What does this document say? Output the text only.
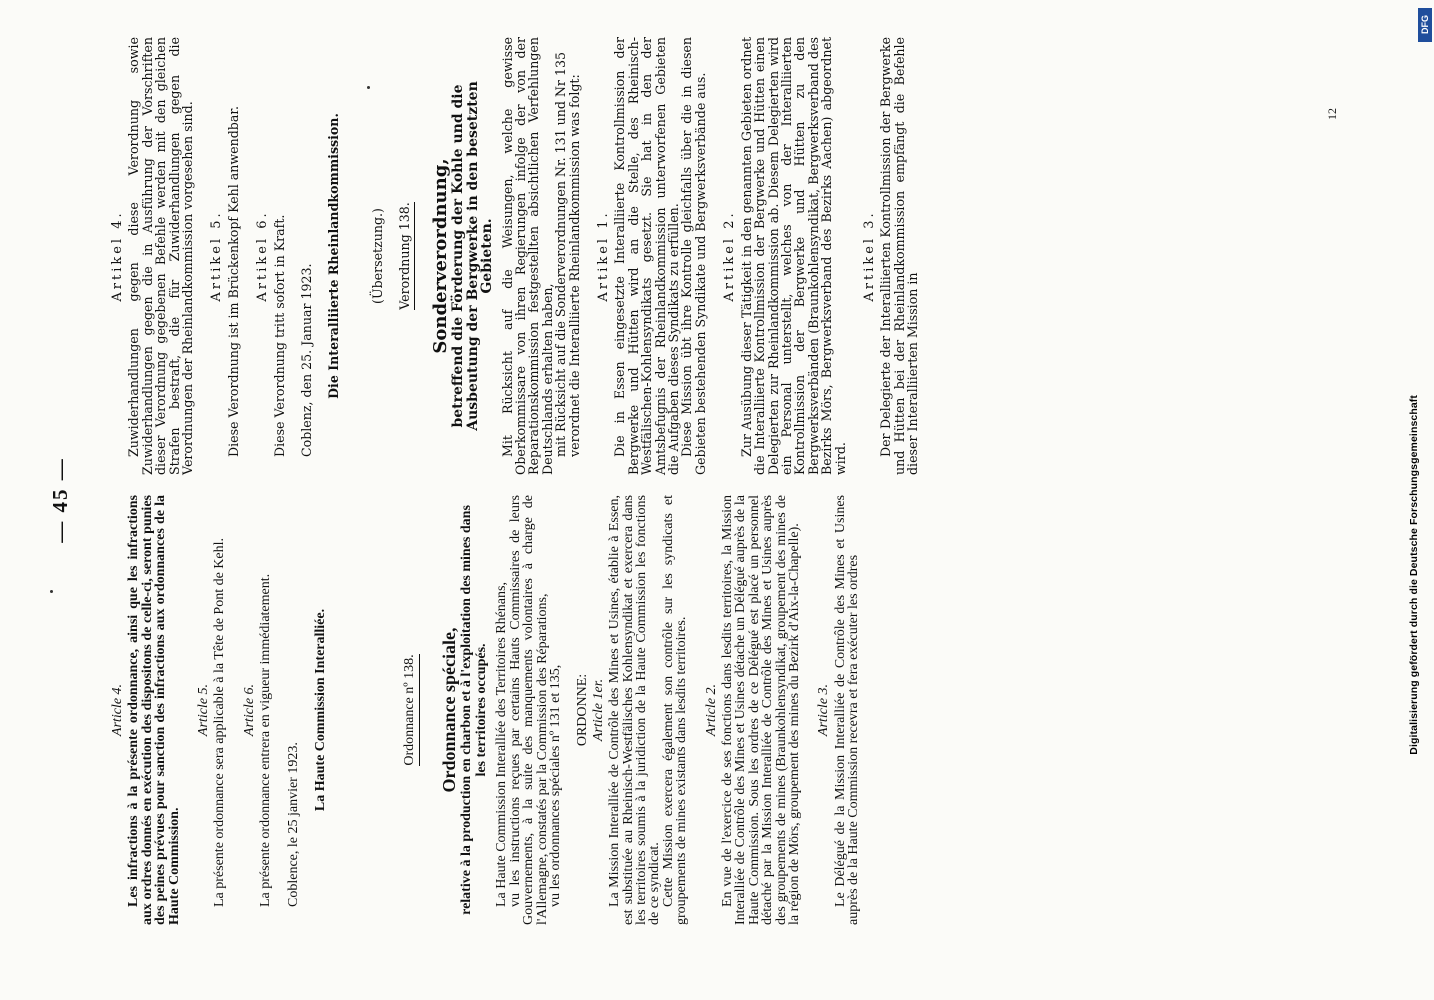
— 45 —
Article 4. Les infractions à la présente ordonnance, ainsi que les infractions aux ordres donnés en exécution des dispositons de celle-ci, seront punies des peines prévues pour sanction des infractions aux ordonnances de la Haute Commission.

Article 5. La présente ordonnance sera applicable à la Tête de Pont de Kehl. Article 6. La présente ordonnance entrera en vigueur immédiatement. Coblence, le 25 janvier 1923.

La Haute Commission Interalliée.	Ordonnance nº 138. Ordonnance spéciale, relative à la production en charbon et à l'exploitation des mines dans les territoires occupés. La Haute Commission Interalliée des Territoires Rhénans,

vu les instructions reçues par certains Hauts Commissaires de leurs Gouvernements, à la suite des manquements volontaires à charge de l'Allemagne, constatés par la Commission des Réparations,

vu les ordonnances spéciales nº 131 et 135, ORDONNE: Article 1er. La Mission Interalliée de Contrôle des Mines et Usines, établie à Essen, est substituée au Rheinisch-Westfälisches Kohlensyndikat et exercera dans les territoires soumis à la juridiction de la Haute Commission les fonctions de ce syndicat.

Cette Mission exercera également son contrôle sur les syndicats et groupements de mines existants dans lesdits territoires. Article 2. En vue de l'exercice de ses fonctions dans lesdits territoires, la Mission Interalliée de Contrôle des Mines et Usines détache un Délégué auprès de la Haute Commission. Sous les ordres de ce Délégué est placé un personnel détaché par la Mission Interalliée de Contrôle des Mines et Usines auprès des groupements de mines (Braunkohlensyndikat, groupement des mines de la région de Mörs, groupement des mines du Bezirk d'Aix-la-Chapelle). Article 3. Le Délégué de la Mission Interalliée de Contrôle des Mines et Usines auprès de la Haute Commission recevra et fera exécuter les ordres

Artikel 4. Zuwiderhandlungen gegen diese Verordnung sowie Zuwiderhandlungen gegen die in Ausführung der Vorschriften dieser Verordnung gegebenen Befehle werden mit den gleichen Strafen bestraft, die für Zuwiderhandlungen gegen die Verordnungen der Rheinlandkommission vorgesehen sind. Artikel 5. Diese Verordnung ist im Brückenkopf Kehl anwendbar. Artikel 6. Diese Verordnung tritt sofort in Kraft. Coblenz, den 25. Januar 1923. Die Interalliierte Rheinlandkommission. (Übersetzung.) Verordnung 138. Sonderverordnung, betreffend die Förderung der Kohle und die Ausbeutung der Bergwerke in den besetzten Gebieten. Mit Rücksicht auf die Weisungen, welche gewisse Oberkommissare von ihren Regierungen infolge der von der Reparationskommission festgestellten absichtlichen Verfehlungen Deutschlands erhalten haben,

mit Rücksicht auf die Sonderverordnungen Nr. 131 und Nr 135

verordnet die Interalliierte Rheinlandkommission was folgt: Artikel 1. Die in Essen eingesetzte Interalliierte Kontrollmission der Bergwerke und Hütten wird an die Stelle, des Rheinisch-Westfälischen-Kohlensyndikats gesetzt. Sie hat in den der Amtsbefugnis der Rheinlandkommission unterworfenen Gebieten die Aufgaben dieses Syndikats zu erfüllen.

Diese Mission übt ihre Kontrolle gleichfalls über die in diesen Gebieten bestehenden Syndikate und Bergwerksverbände aus. Artikel 2. Zur Ausübung dieser Tätigkeit in den genannten Gebieten ordnet die Interalliierte Kontrollmission der Bergwerke und Hütten einen Delegierten zur Rheinlandkommission ab. Diesem Delegierten wird ein Personal unterstellt, welches von der Interalliierten Kontrollmission der Bergwerke und Hütten zu den Bergwerksverbänden (Braunkohlensyndikat, Bergwerksverband des Bezirks Mörs, Bergwerksverband des Bezirks Aachen) abgeordnet wird.

Artikel 3. Der Delegierte der Interalliierten Kontrollmission der Bergwerke und Hütten bei der Rheinlandkommission empfängt die Befehle dieser Interalliierten Mission in

12
Digitalisierung gefördert durch die Deutsche Forschungsgemeinschaft
DFG
